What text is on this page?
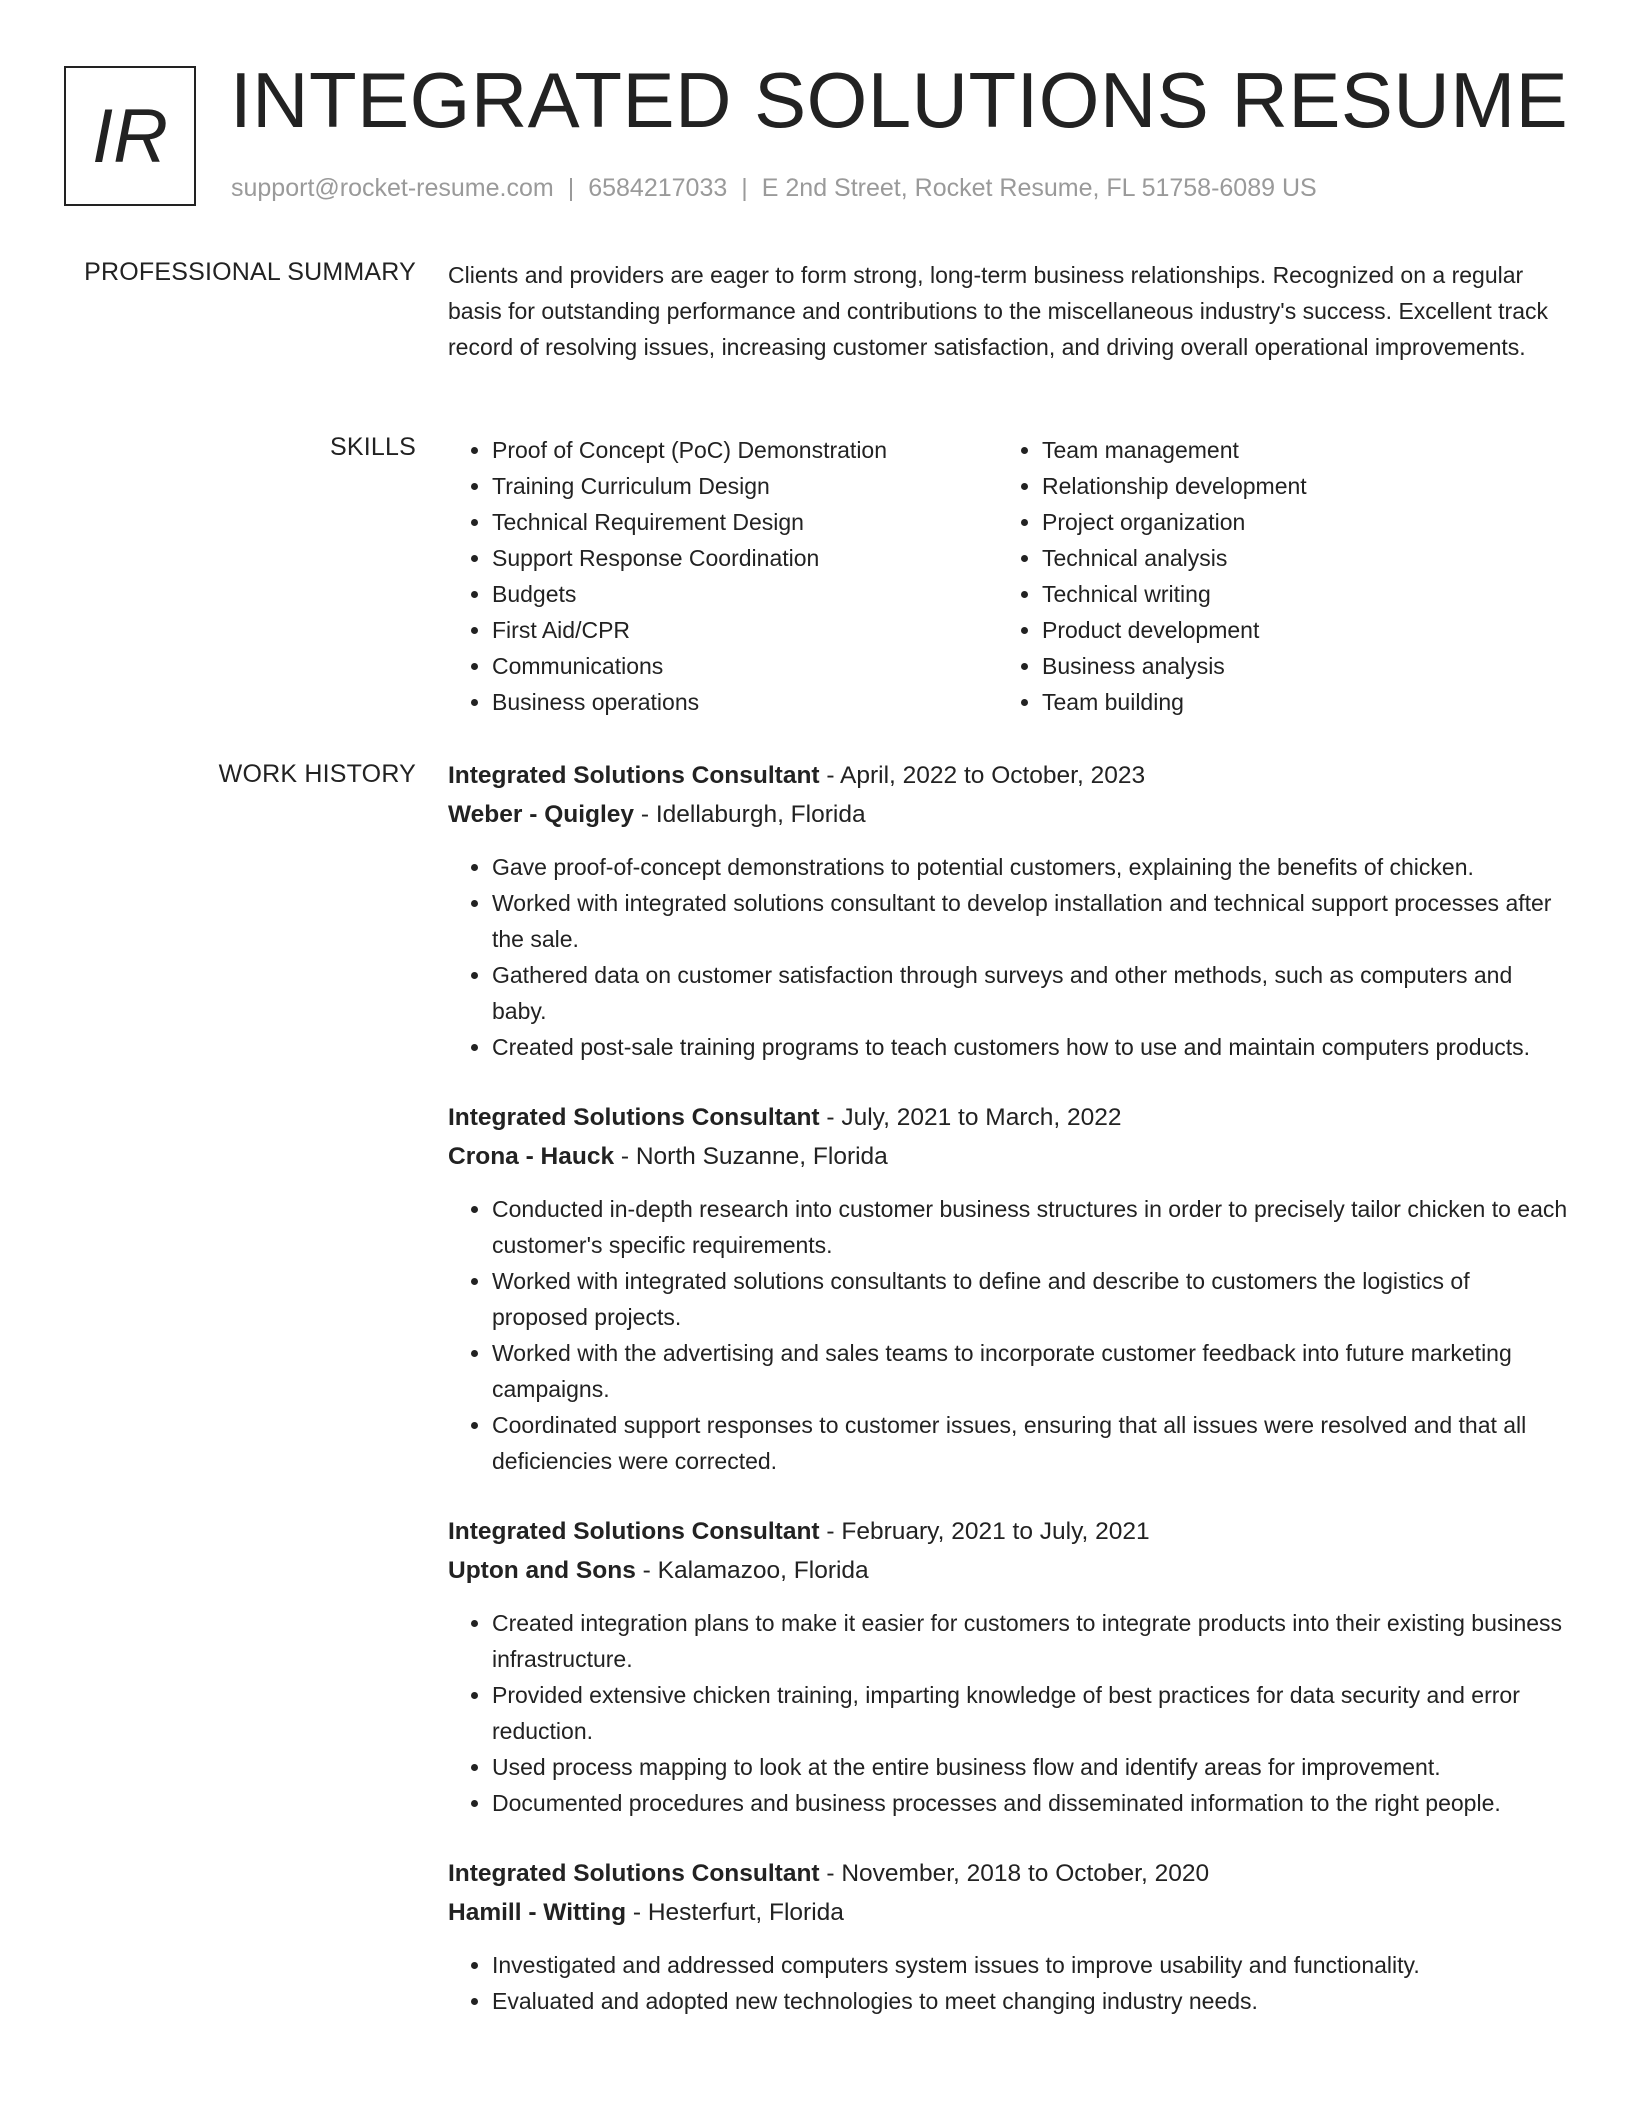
IR INTEGRATED SOLUTIONS RESUME
support@rocket-resume.com | 6584217033 | E 2nd Street, Rocket Resume, FL 51758-6089 US
PROFESSIONAL SUMMARY Clients and providers are eager to form strong, long-term business relationships. Recognized on a regular basis for outstanding performance and contributions to the miscellaneous industry's success. Excellent track record of resolving issues, increasing customer satisfaction, and driving overall operational improvements.

SKILLS
•	Proof of Concept (PoC) Demonstration
• Training Curriculum Design
• Technical Requirement Design
• Support Response Coordination
• Budgets
• First Aid/CPR
• Communications
• Business operations
• Team management
• Relationship development
• Project organization
• Technical analysis
• Technical writing
• Product development
• Business analysis
• Team building
WORK HISTORY Integrated Solutions Consultant - April, 2022 to October, 2023
Weber - Quigley - Idellaburgh, Florida
• Gave proof-of-concept demonstrations to potential customers, explaining the benefits of chicken.
• Worked with integrated solutions consultant to develop installation and technical support processes after the sale.
• Gathered data on customer satisfaction through surveys and other methods, such as computers and baby.
• Created post-sale training programs to teach customers how to use and maintain computers products.
Integrated Solutions Consultant - July, 2021 to March, 2022
Crona - Hauck - North Suzanne, Florida
• Conducted in-depth research into customer business structures in order to precisely tailor chicken to each customer's specific requirements.
• Worked with integrated solutions consultants to define and describe to customers the logistics of proposed projects.
• Worked with the advertising and sales teams to incorporate customer feedback into future marketing campaigns.
• Coordinated support responses to customer issues, ensuring that all issues were resolved and that all deficiencies were corrected.
Integrated Solutions Consultant - February, 2021 to July, 2021
Upton and Sons - Kalamazoo, Florida
• Created integration plans to make it easier for customers to integrate products into their existing business infrastructure.
• Provided extensive chicken training, imparting knowledge of best practices for data security and error reduction.
• Used process mapping to look at the entire business flow and identify areas for improvement.
• Documented procedures and business processes and disseminated information to the right people.
Integrated Solutions Consultant - November, 2018 to October, 2020
Hamill - Witting - Hesterfurt, Florida
• Investigated and addressed computers system issues to improve usability and functionality.
• Evaluated and adopted new technologies to meet changing industry needs.
